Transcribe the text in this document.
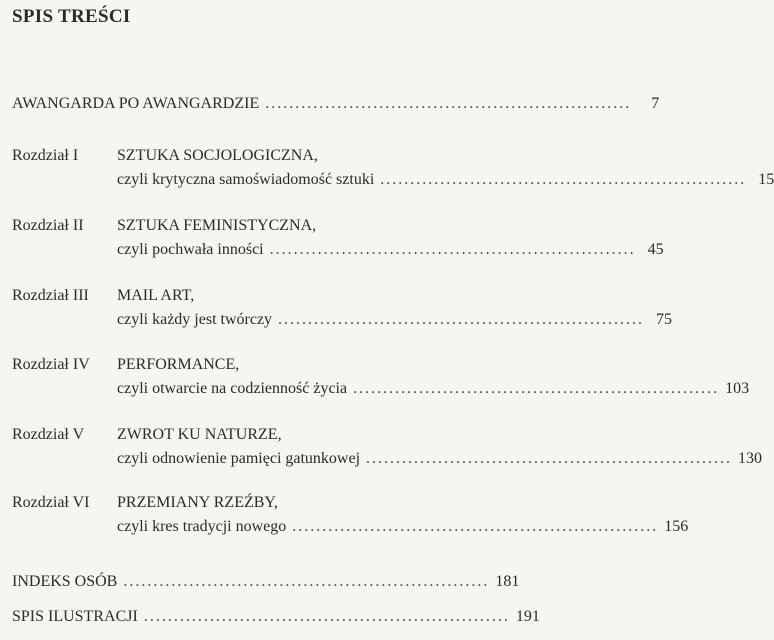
SPIS TREŚCI
AWANGARDA PO AWANGARDZIE .............................................................	7
Rozdział I	SZTUKA SOCJOLOGICZNA,
czyli krytyczna samoświadomość sztuki ............................................................. 15
Rozdział II	SZTUKA FEMINISTYCZNA,
czyli pochwała inności ............................................................. 45
Rozdział III	MAIL ART,
czyli każdy jest twórczy ............................................................. 75
Rozdział IV	PERFORMANCE,
czyli otwarcie na codzienność życia ............................................................. 103
Rozdział V	ZWROT KU NATURZE,
czyli odnowienie pamięci gatunkowej ............................................................. 130
Rozdział VI	PRZEMIANY RZEŹBY,
czyli kres tradycji nowego ............................................................. 156
INDEKS OSÓB ............................................................. 181
SPIS ILUSTRACJI ............................................................. 191
